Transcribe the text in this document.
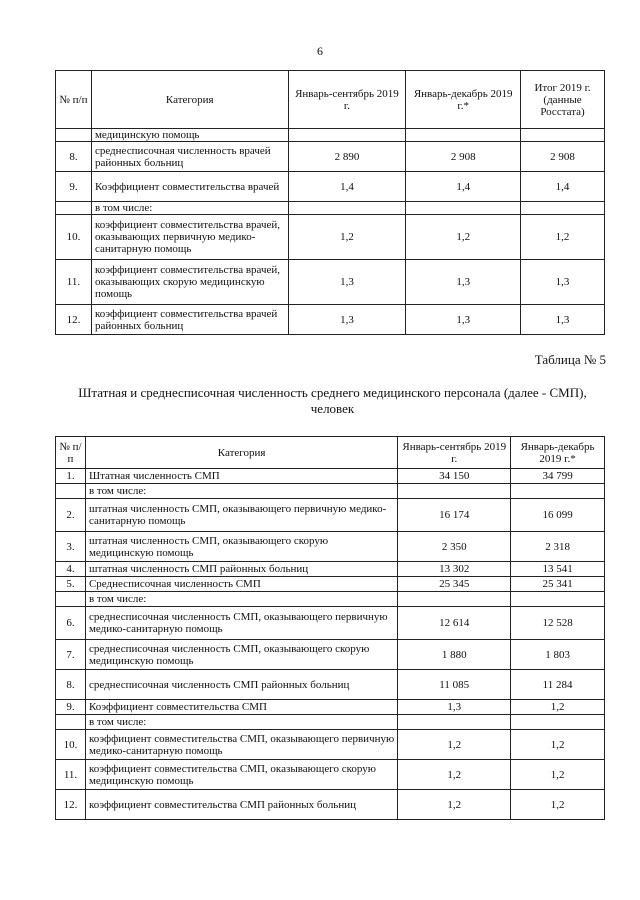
6
№ п/п	Категория	Январь-сентябрь 2019 г.	Январь-декабрь 2019 г.*	Итог 2019 г. (данные Росстата)
	медицинскую помощь			
8.	среднесписочная численность врачей районных больниц	2 890	2 908	2 908
9.	Коэффициент совместительства врачей	1,4	1,4	1,4
	в том числе:			
10.	коэффициент совместительства врачей, оказывающих первичную медико-санитарную помощь	1,2	1,2	1,2
11.	коэффициент совместительства врачей, оказывающих скорую медицинскую помощь	1,3	1,3	1,3
12.	коэффициент совместительства врачей районных больниц	1,3	1,3	1,3
Таблица № 5
Штатная и среднесписочная численность среднего медицинского персонала (далее - СМП), человек
№ п/п	Категория	Январь-сентябрь 2019 г.	Январь-декабрь 2019 г.*
1.	Штатная численность СМП	34 150	34 799
	в том числе:		
2.	штатная численность СМП, оказывающего первичную медико-санитарную помощь	16 174	16 099
3.	штатная численность СМП, оказывающего скорую медицинскую помощь	2 350	2 318
4.	штатная численность СМП районных больниц	13 302	13 541
5.	Среднесписочная численность СМП	25 345	25 341
	в том числе:		
6.	среднесписочная численность СМП, оказывающего первичную медико-санитарную помощь	12 614	12 528
7.	среднесписочная численность СМП, оказывающего скорую медицинскую помощь	1 880	1 803
8.	среднесписочная численность СМП районных больниц	11 085	11 284
9.	Коэффициент совместительства СМП	1,3	1,2
	в том числе:		
10.	коэффициент совместительства СМП, оказывающего первичную медико-санитарную помощь	1,2	1,2
11.	коэффициент совместительства СМП, оказывающего скорую медицинскую помощь	1,2	1,2
12.	коэффициент совместительства СМП районных больниц	1,2	1,2
